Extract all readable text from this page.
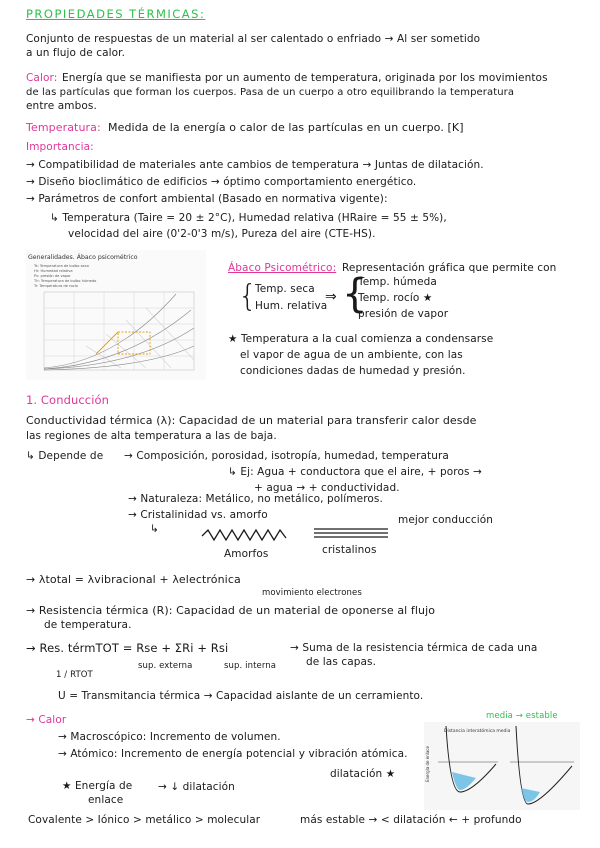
PROPIEDADES TÉRMICAS:
Conjunto de respuestas de un material al ser calentado o enfriado → Al ser sometido
a un flujo de calor.
Calor: Energía que se manifiesta por un aumento de temperatura, originada por los movimientos
de las partículas que forman los cuerpos. Pasa de un cuerpo a otro equilibrando la temperatura
entre ambos.
Temperatura: Medida de la energía o calor de las partículas en un cuerpo. [K]
Importancia:
→ Compatibilidad de materiales ante cambios de temperatura → Juntas de dilatación.
→ Diseño bioclimático de edificios → óptimo comportamiento energético.
→ Parámetros de confort ambiental (Basado en normativa vigente):
↳ Temperatura (Taire = 20 ± 2°C), Humedad relativa (HRaire = 55 ± 5%),
velocidad del aire (0'2-0'3 m/s), Pureza del aire (CTE-HS).
Generalidades. Ábaco psicométrico
Ts: Temperatura de bulbo seco
Hr: Humedad relativa
Pv: presión de vapor
Th: Temperatura de bulbo húmedo
Tr: Temperatura de rocío
Ábaco Psicométrico: Representación gráfica que permite con
{
Temp. seca
Hum. relativa
⇒ {
Temp. húmeda
Temp. rocío ★
presión de vapor
★ Temperatura a la cual comienza a condensarse
el vapor de agua de un ambiente, con las
condiciones dadas de humedad y presión.
1. Conducción
Conductividad térmica (λ): Capacidad de un material para transferir calor desde
las regiones de alta temperatura a las de baja.
↳ Depende de → Composición, porosidad, isotropía, humedad, temperatura
↳ Ej: Agua + conductora que el aire, + poros →
+ agua → + conductividad.
→ Naturaleza: Metálico, no metálico, polímeros.
→ Cristalinidad vs. amorfo
↳
Amorfos	cristalinos
mejor conducción
→ λtotal = λvibracional + λelectrónica
movimiento electrones
→ Resistencia térmica (R): Capacidad de un material de oponerse al flujo
de temperatura.
→ Res. térmTOT = Rse + ΣRi + Rsi
sup. externa	sup. interna
→ Suma de la resistencia térmica de cada una
de las capas.
1 / RTOT
U = Transmitancia térmica → Capacidad aislante de un cerramiento.
→ Calor
→ Macroscópico: Incremento de volumen.
→ Atómico: Incremento de energía potencial y vibración atómica.
dilatación ★
★ Energía de
enlace
→ ↓ dilatación
Covalente > Iónico > metálico > molecular	más estable → < dilatación ← + profundo
media → estable
Distancia interatómica media
Energía de enlace
